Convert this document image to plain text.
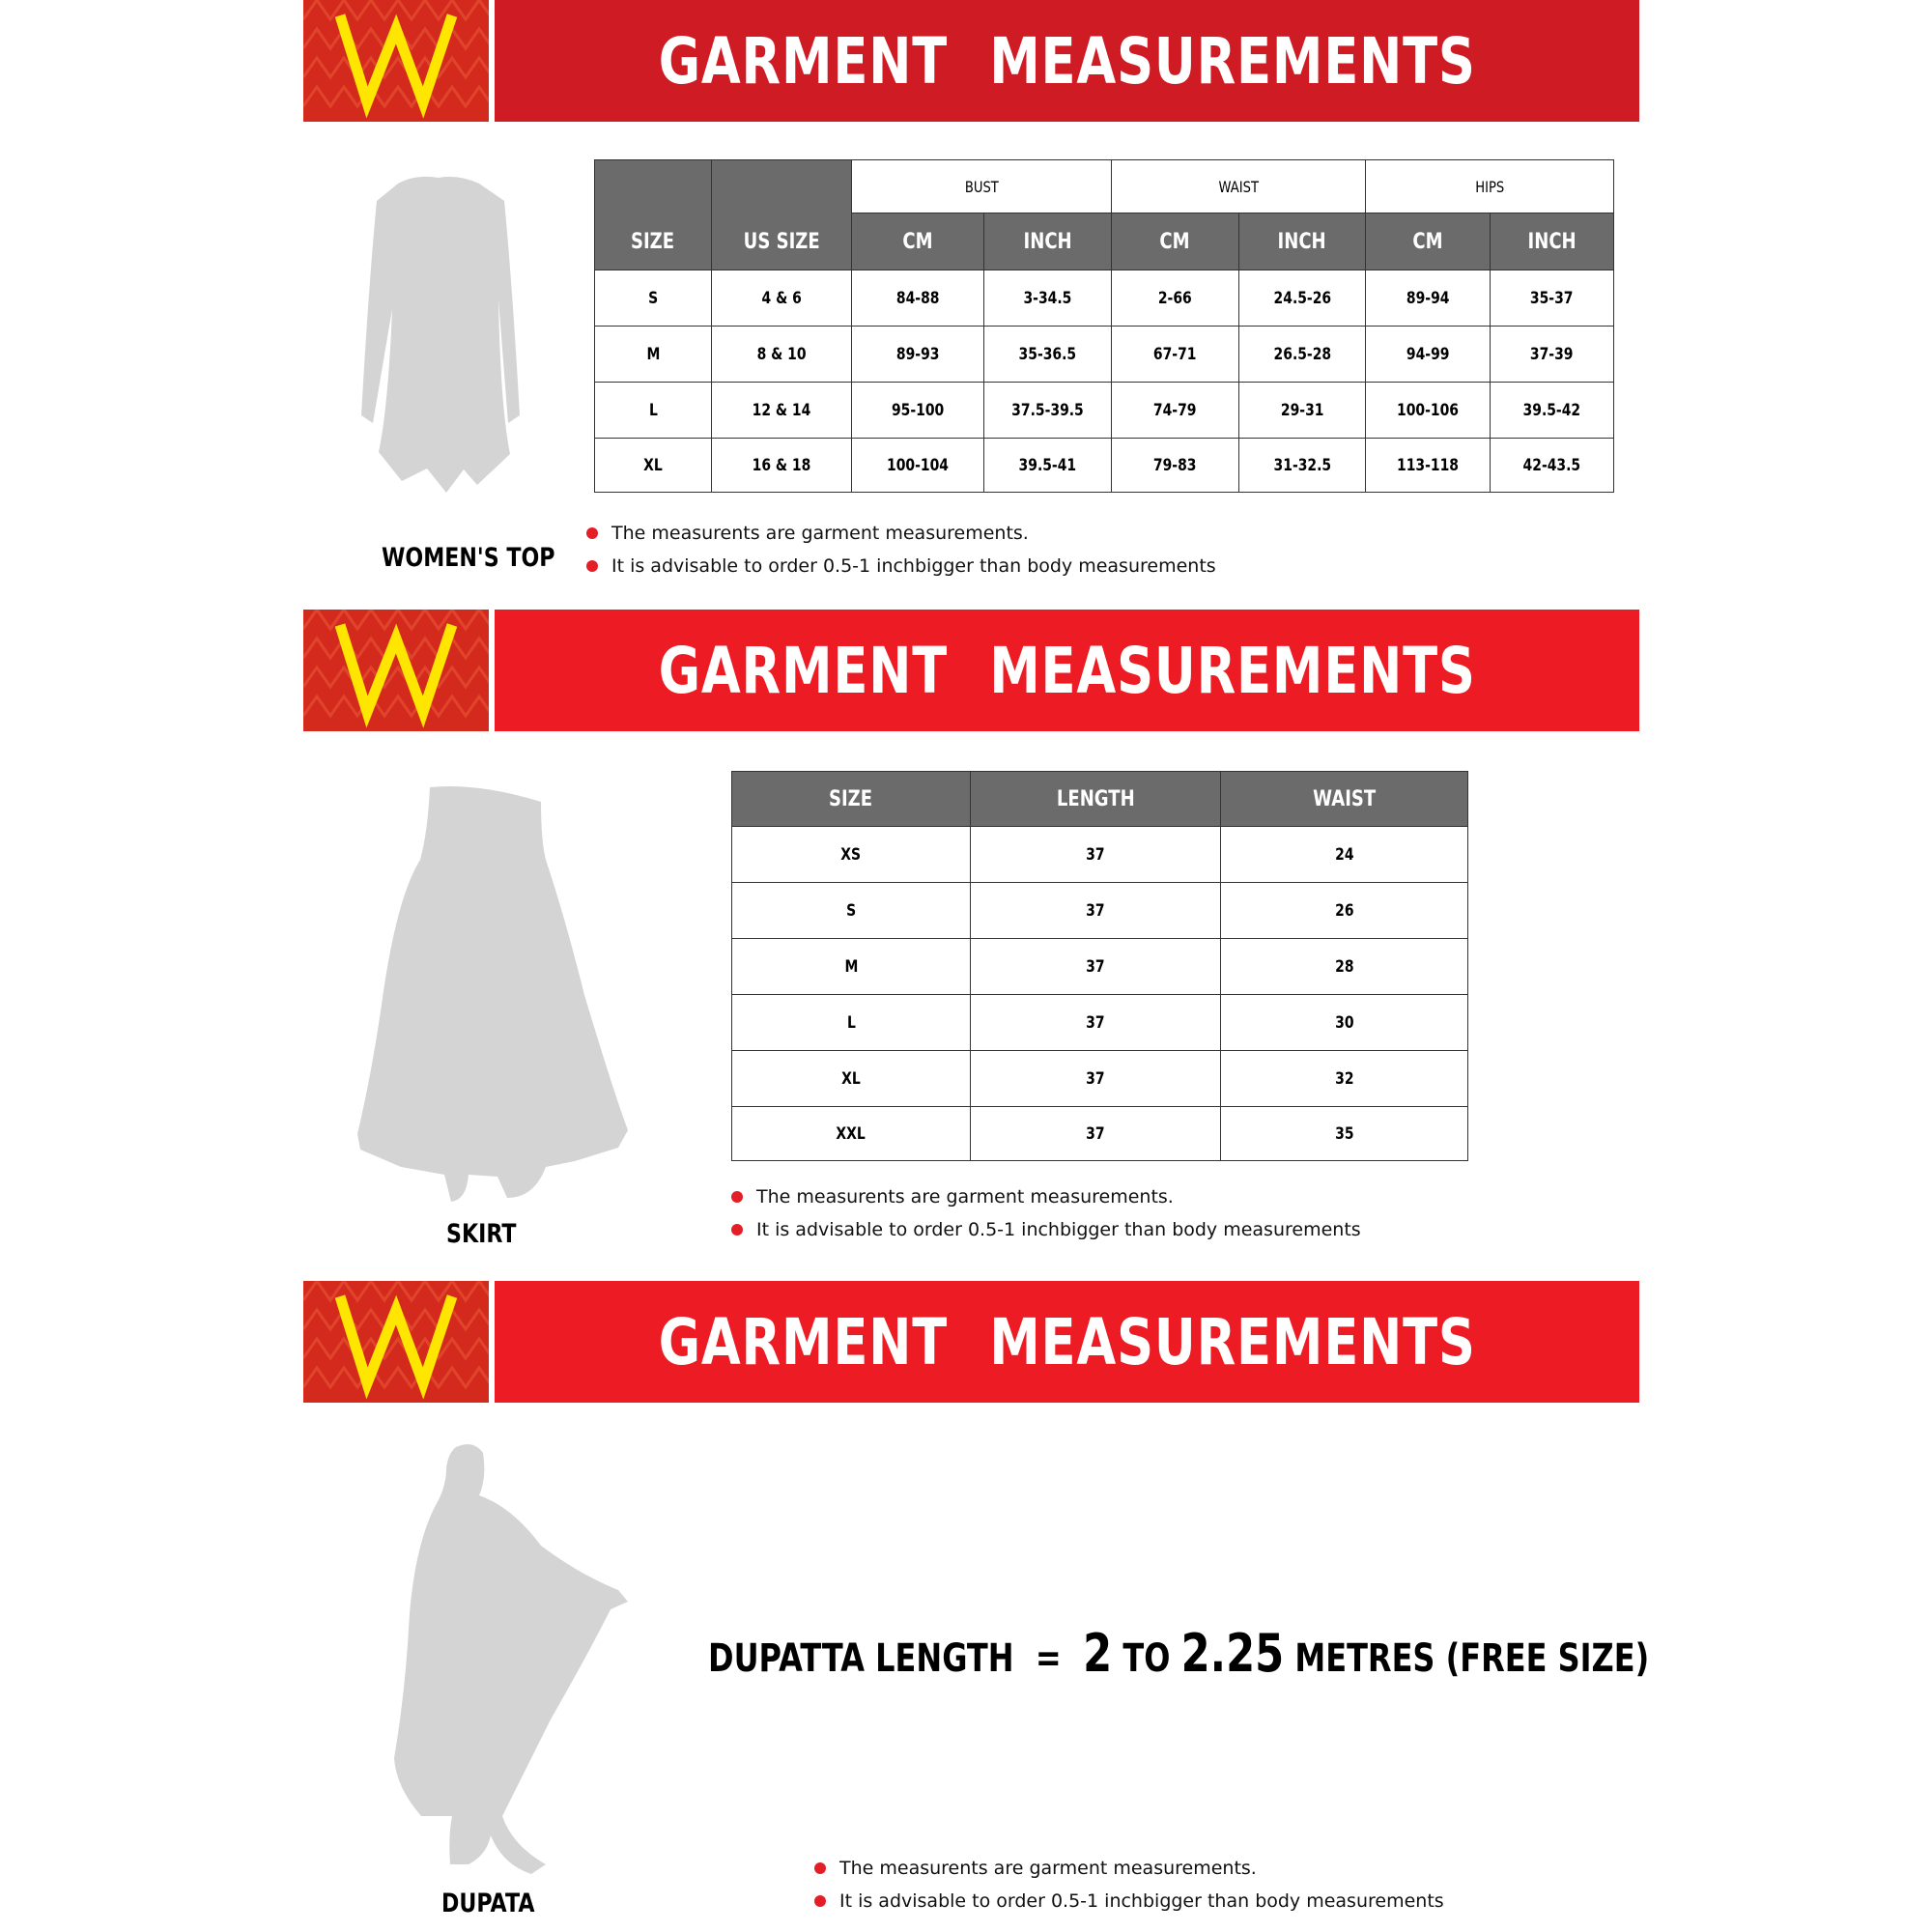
GARMENT MEASUREMENTS
WOMEN'S TOP
SIZE	US SIZE	BUST		WAIST		HIPS	
		CM	INCH	CM	INCH	CM	INCH
S	4 & 6	84-88	3-34.5	2-66	24.5-26	89-94	35-37
M	8 & 10	89-93	35-36.5	67-71	26.5-28	94-99	37-39
L	12 & 14	95-100	37.5-39.5	74-79	29-31	100-106	39.5-42
XL	16 & 18	100-104	39.5-41	79-83	31-32.5	113-118	42-43.5
The measurents are garment measurements.
It is advisable to order 0.5-1 inchbigger than body measurements
GARMENT MEASUREMENTS
SKIRT
SIZE	LENGTH	WAIST
XS	37	24
S	37	26
M	37	28
L	37	30
XL	37	32
XXL	37	35
The measurents are garment measurements.
It is advisable to order 0.5-1 inchbigger than body measurements
GARMENT MEASUREMENTS
DUPATA
DUPATTA LENGTH = 2 TO 2.25 METRES (FREE SIZE)
The measurents are garment measurements.
It is advisable to order 0.5-1 inchbigger than body measurements
